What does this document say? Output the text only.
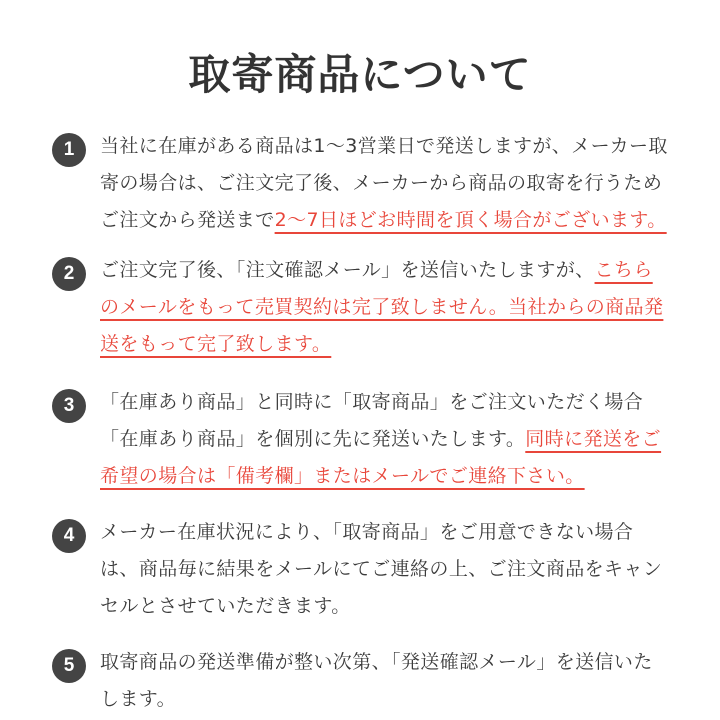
取寄商品について
1	当社に在庫がある商品は1〜3営業日で発送しますが、メーカー取寄の場合は、ご注文完了後、メーカーから商品の取寄を行うためご注文から発送まで2〜7日ほどお時間を頂く場合がございます。
2	ご注文完了後、「注文確認メール」を送信いたしますが、こちらのメールをもって売買契約は完了致しません。当社からの商品発送をもって完了致します。
3	「在庫あり商品」と同時に「取寄商品」をご注文いただく場合「在庫あり商品」を個別に先に発送いたします。同時に発送をご希望の場合は「備考欄」またはメールでご連絡下さい。
4	メーカー在庫状況により、「取寄商品」をご用意できない場合は、商品毎に結果をメールにてご連絡の上、ご注文商品をキャンセルとさせていただきます。
5	取寄商品の発送準備が整い次第、「発送確認メール」を送信いたします。
